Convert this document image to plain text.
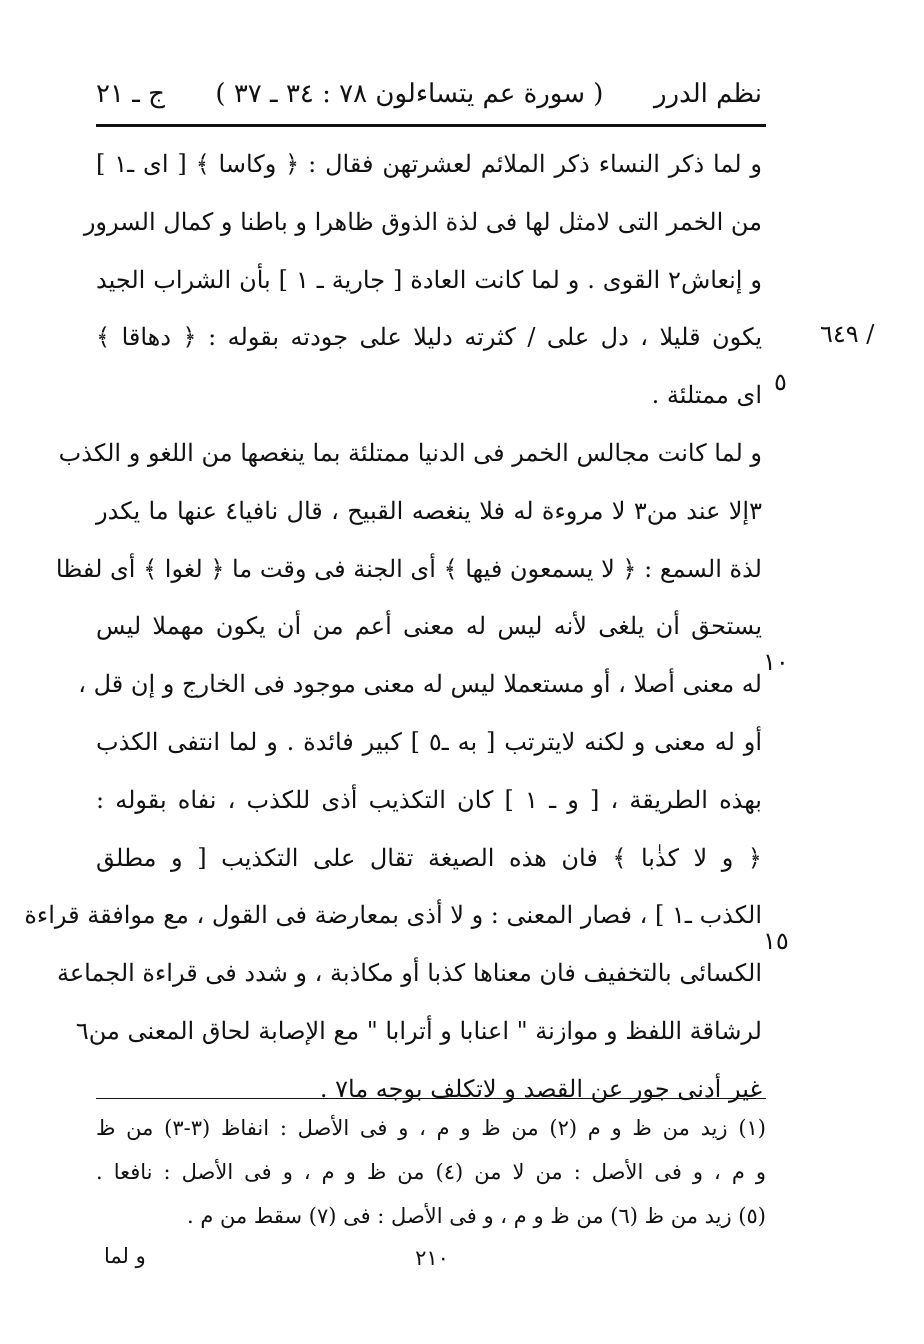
نظم الدرر
( سورة عم يتساءلون ٧٨ : ٣٤ ـ ٣٧ )
ج ـ ٢١
٦٤٩ /
٥
١٠
١٥
و لما ذكر النساء ذكر الملائم لعشرتهن فقال : ﴿ وكاسا ﴾ [ اى ـ١ ]
من الخمر التى لامثل لها فى لذة الذوق ظاهرا و باطنا و كمال السرور
و إنعاش٢ القوى . و لما كانت العادة [ جارية ـ ١ ] بأن الشراب الجيد
يكون قليلا ، دل على / كثرته دليلا على جودته بقوله : ﴿ دهاقا ﴾
اى ممتلئة .
و لما كانت مجالس الخمر فى الدنيا ممتلئة بما ينغصها من اللغو و الكذب
٣إلا عند من٣ لا مروءة له فلا ينغصه القبيح ، قال نافيا٤ عنها ما يكدر
لذة السمع : ﴿ لا يسمعون فيها ﴾ أى الجنة فى وقت ما ﴿ لغوا ﴾ أى لفظا
يستحق أن يلغى لأنه ليس له معنى أعم من أن يكون مهملا ليس
له معنى أصلا ، أو مستعملا ليس له معنى موجود فى الخارج و إن قل ،
أو له معنى و لكنه لايترتب [ به ـ٥ ] كبير فائدة . و لما انتفى الكذب
بهذه الطريقة ، [ و ـ ١ ] كان التكذيب أذى للكذب ، نفاه بقوله :
﴿ و لا كذٰبا ﴾ فان هذه الصيغة تقال على التكذيب [ و مطلق
الكذب ـ١ ] ، فصار المعنى : و لا أذى بمعارضة فى القول ، مع موافقة قراءة
الكسائى بالتخفيف فان معناها كذبا أو مكاذبة ، و شدد فى قراءة الجماعة
لرشاقة اللفظ و موازنة " اعنابا و أترابا " مع الإصابة لحاق المعنى من٦
غير أدنى جور عن القصد و لاتكلف بوجه ما٧ .
(١) زيد من ظ و م (٢) من ظ و م ، و فى الأصل : انفاظ (٣-٣) من ظ
و م ، و فى الأصل : من لا من (٤) من ظ و م ، و فى الأصل : نافعا .
(٥) زيد من ظ (٦) من ظ و م ، و فى الأصل : فى (٧) سقط من م .
٢١٠
و لما
